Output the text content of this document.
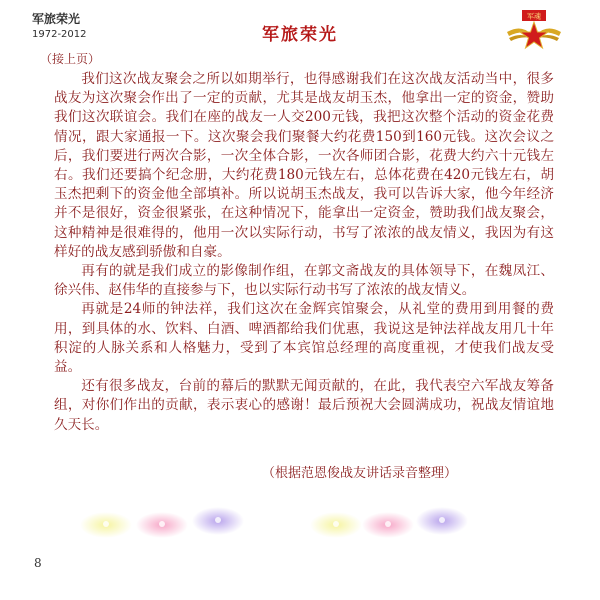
军旅荣光
1972-2012	军旅荣光
军魂
（接上页）

我们这次战友聚会之所以如期举行，也得感谢我们在这次战友活动当中，很多战友为这次聚会作出了一定的贡献，尤其是战友胡玉杰，他拿出一定的资金，赞助我们这次联谊会。我们在座的战友一人交200元钱，我把这次整个活动的资金花费情况，跟大家通报一下。这次聚会我们聚餐大约花费150到160元钱。这次会议之后，我们要进行两次合影，一次全体合影，一次各师团合影，花费大约六十元钱左右。我们还要搞个纪念册，大约花费180元钱左右，总体花费在420元钱左右，胡玉杰把剩下的资金他全部填补。所以说胡玉杰战友，我可以告诉大家，他今年经济并不是很好，资金很紧张，在这种情况下，能拿出一定资金，赞助我们战友聚会，这种精神是很难得的，他用一次以实际行动，书写了浓浓的战友情义，我因为有这样好的战友感到骄傲和自豪。

再有的就是我们成立的影像制作组，在郭文斋战友的具体领导下，在魏凤江、徐兴伟、赵伟华的直接参与下，也以实际行动书写了浓浓的战友情义。

再就是24师的钟法祥，我们这次在金辉宾馆聚会，从礼堂的费用到用餐的费用，到具体的水、饮料、白酒、啤酒都给我们优惠，我说这是钟法祥战友用几十年积淀的人脉关系和人格魅力，受到了本宾馆总经理的高度重视，才使我们战友受益。

还有很多战友，台前的幕后的默默无闻贡献的，在此，我代表空六军战友筹备组，对你们作出的贡献，表示衷心的感谢！最后预祝大会圆满成功，祝战友情谊地久天长。

（根据范恩俊战友讲话录音整理）
8
